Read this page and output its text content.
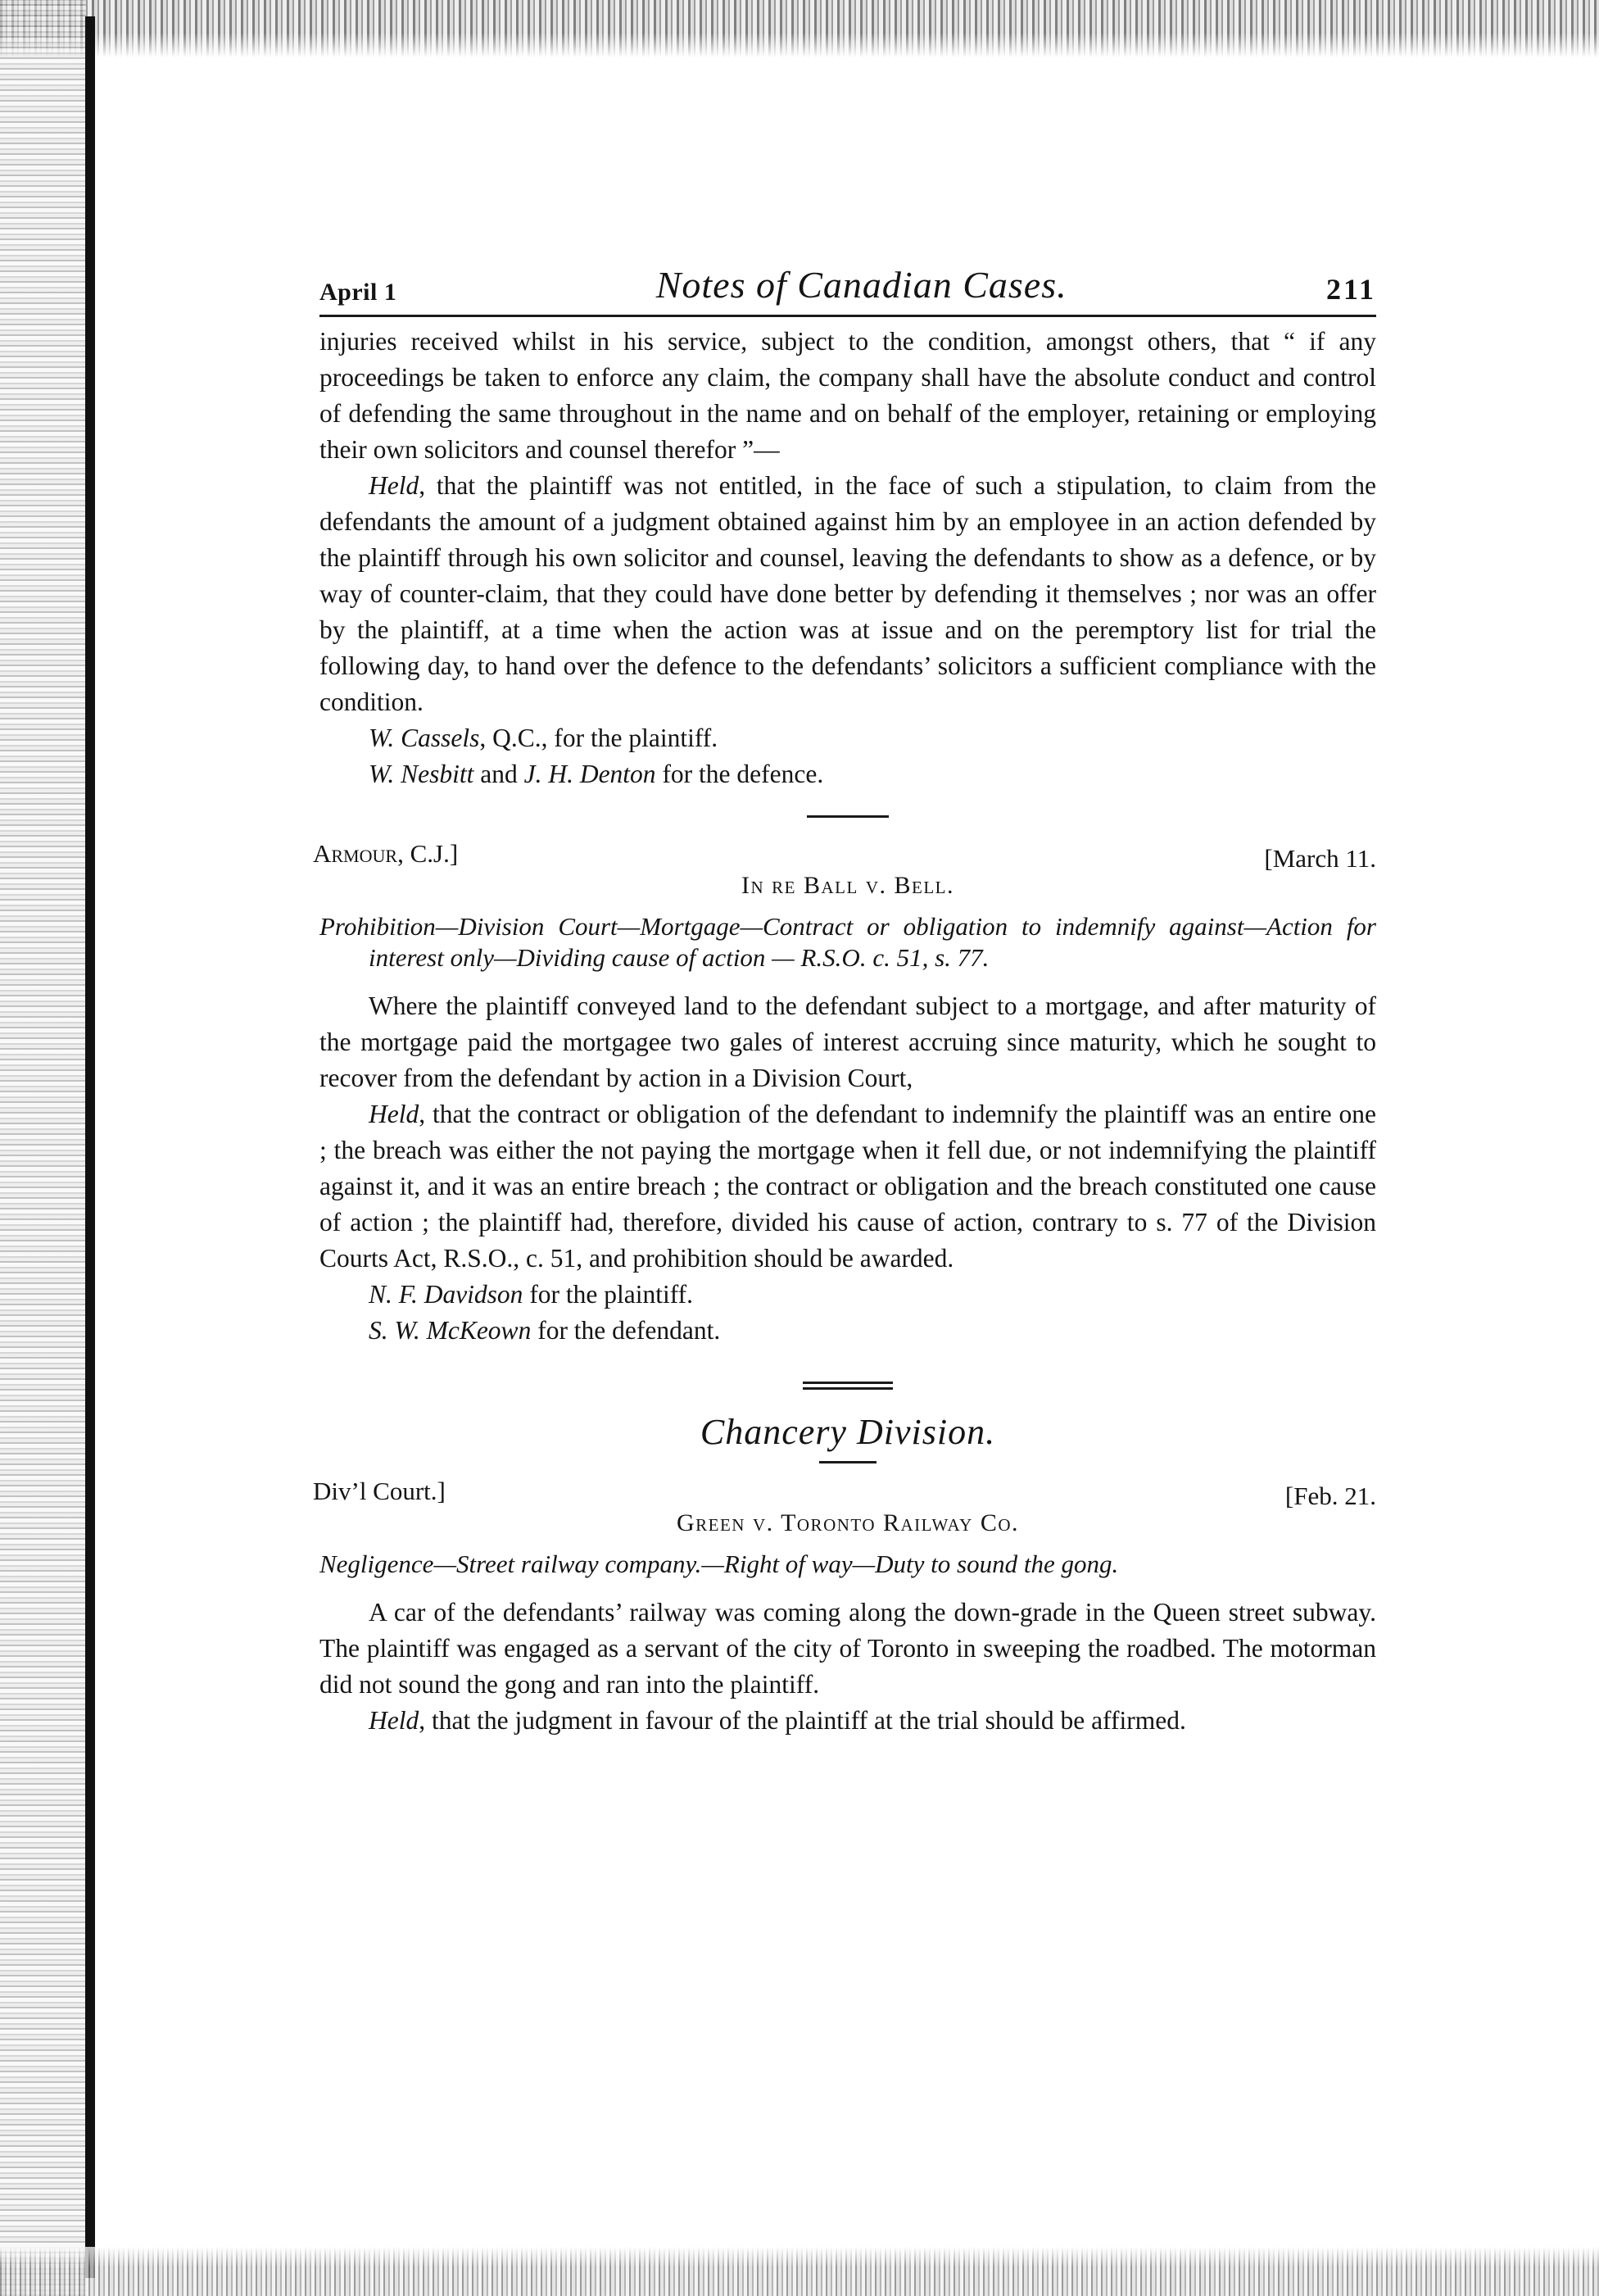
April 1	Notes of Canadian Cases.	211

injuries received whilst in his service, subject to the condition, amongst others, that “ if any proceedings be taken to enforce any claim, the company shall have the absolute conduct and control of defending the same throughout in the name and on behalf of the employer, retaining or employing their own solicitors and counsel therefor ”—

Held, that the plaintiff was not entitled, in the face of such a stipulation, to claim from the defendants the amount of a judgment obtained against him by an employee in an action defended by the plaintiff through his own solicitor and counsel, leaving the defendants to show as a defence, or by way of counter-claim, that they could have done better by defending it themselves ; nor was an offer by the plaintiff, at a time when the action was at issue and on the peremptory list for trial the following day, to hand over the defence to the defendants’ solicitors a sufficient compliance with the condition.

W. Cassels, Q.C., for the plaintiff.
W. Nesbitt and J. H. Denton for the defence.
Armour, C.J.]	[March 11.
In re Ball v. Bell.
Prohibition—Division Court—Mortgage—Contract or obligation to indemnify against—Action for interest only—Dividing cause of action — R.S.O. c. 51, s. 77.

Where the plaintiff conveyed land to the defendant subject to a mortgage, and after maturity of the mortgage paid the mortgagee two gales of interest accruing since maturity, which he sought to recover from the defendant by action in a Division Court,

Held, that the contract or obligation of the defendant to indemnify the plaintiff was an entire one ; the breach was either the not paying the mortgage when it fell due, or not indemnifying the plaintiff against it, and it was an entire breach ; the contract or obligation and the breach constituted one cause of action ; the plaintiff had, therefore, divided his cause of action, contrary to s. 77 of the Division Courts Act, R.S.O., c. 51, and prohibition should be awarded.

N. F. Davidson for the plaintiff.
S. W. McKeown for the defendant.
Chancery Division.
Div’l Court.]	[Feb. 21.
Green v. Toronto Railway Co.
Negligence—Street railway company.—Right of way—Duty to sound the gong.

A car of the defendants’ railway was coming along the down-grade in the Queen street subway. The plaintiff was engaged as a servant of the city of Toronto in sweeping the roadbed. The motorman did not sound the gong and ran into the plaintiff.

Held, that the judgment in favour of the plaintiff at the trial should be affirmed.
